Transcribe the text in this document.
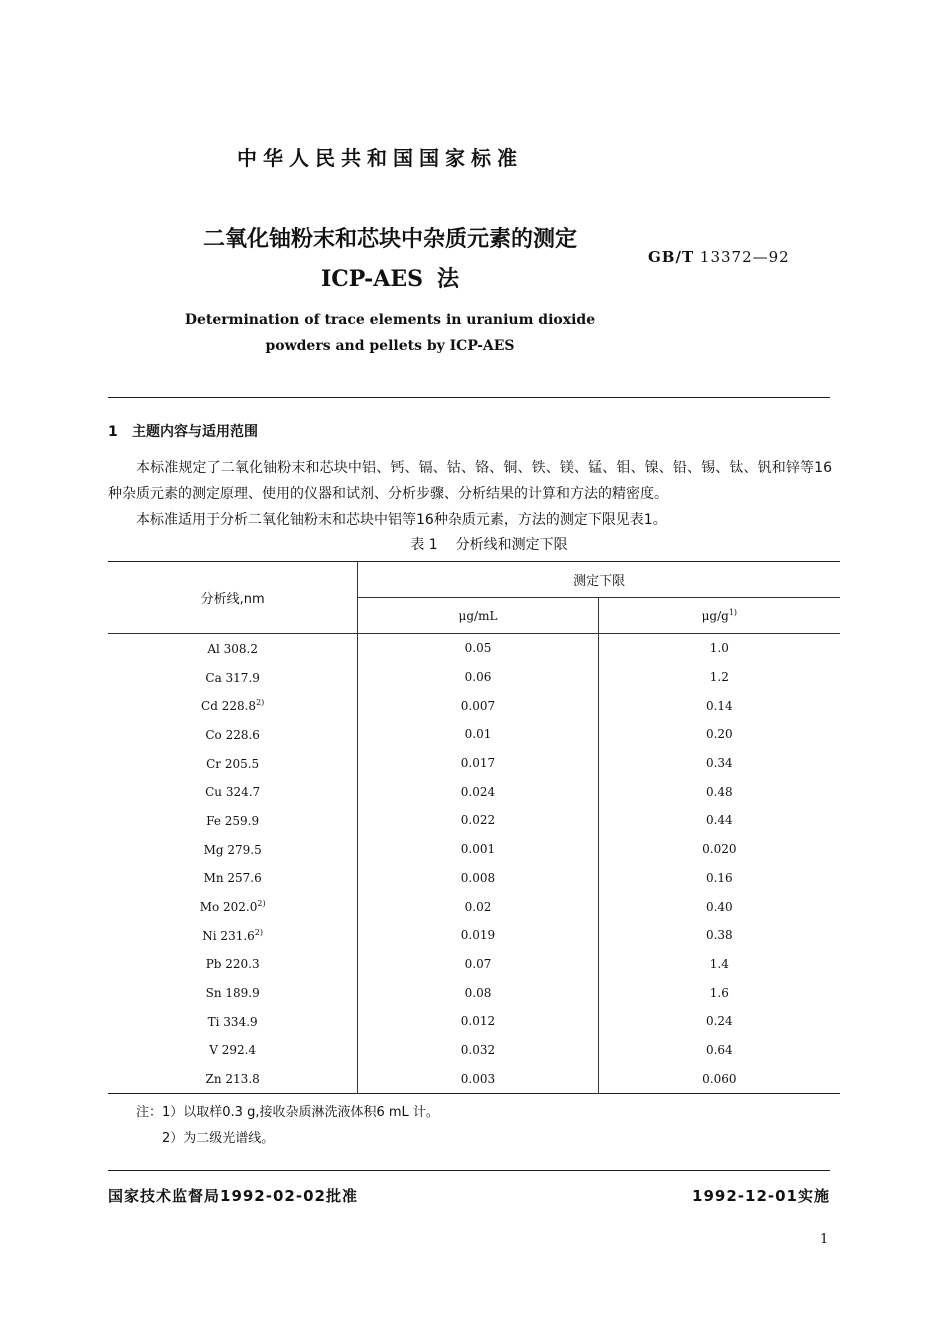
中华人民共和国国家标准
二氧化铀粉末和芯块中杂质元素的测定
ICP-AES 法
GB/T 13372—92
Determination of trace elements in uranium dioxide
powders and pellets by ICP-AES
1 主题内容与适用范围
本标准规定了二氧化铀粉末和芯块中铝、钙、镉、钴、铬、铜、铁、镁、锰、钼、镍、铅、锡、钛、钒和锌等16种杂质元素的测定原理、使用的仪器和试剂、分析步骤、分析结果的计算和方法的精密度。
本标准适用于分析二氧化铀粉末和芯块中铝等16种杂质元素，方法的测定下限见表1。
表 1 分析线和测定下限
分析线,nm	测定下限	
	μg/mL	$\mu g/g^{1)}$
Al 308.2	0.05	1.0
Ca 317.9	0.06	1.2
Cd 228.8$^{2)}$	0.007	0.14
Co 228.6	0.01	0.20
Cr 205.5	0.017	0.34
Cu 324.7	0.024	0.48
Fe 259.9	0.022	0.44
Mg 279.5	0.001	0.020
Mn 257.6	0.008	0.16
Mo 202.0$^{2)}$	0.02	0.40
Ni 231.6$^{2)}$	0.019	0.38
Pb 220.3	0.07	1.4
Sn 189.9	0.08	1.6
Ti 334.9	0.012	0.24
V 292.4	0.032	0.64
Zn 213.8	0.003	0.060
注：1）以取样0.3 g,接收杂质淋洗液体积6 mL 计。
2）为二级光谱线。
国家技术监督局1992-02-02批准	1992-12-01实施
1
